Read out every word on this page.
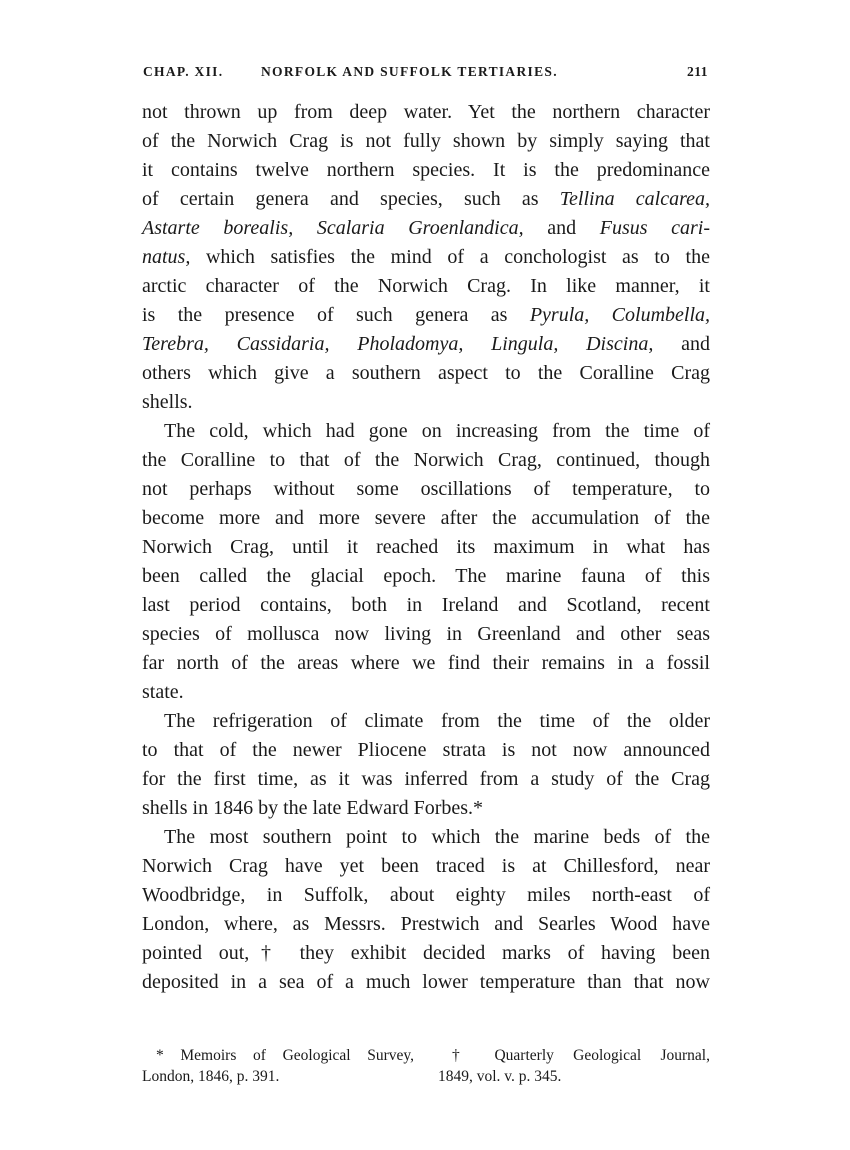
CHAP. XII.	NORFOLK AND SUFFOLK TERTIARIES.	211

not thrown up from deep water. Yet the northern character
of the Norwich Crag is not fully shown by simply saying that
it contains twelve northern species. It is the predominance
of certain genera and species, such as Tellina calcarea,
Astarte borealis, Scalaria Groenlandica, and Fusus cari-
natus, which satisfies the mind of a conchologist as to the
arctic character of the Norwich Crag. In like manner, it
is the presence of such genera as Pyrula, Columbella,
Terebra, Cassidaria, Pholadomya, Lingula, Discina, and
others which give a southern aspect to the Coralline Crag
shells.

The cold, which had gone on increasing from the time of
the Coralline to that of the Norwich Crag, continued, though
not perhaps without some oscillations of temperature, to
become more and more severe after the accumulation of the
Norwich Crag, until it reached its maximum in what has
been called the glacial epoch. The marine fauna of this
last period contains, both in Ireland and Scotland, recent
species of mollusca now living in Greenland and other seas
far north of the areas where we find their remains in a fossil
state.

The refrigeration of climate from the time of the older
to that of the newer Pliocene strata is not now announced
for the first time, as it was inferred from a study of the Crag
shells in 1846 by the late Edward Forbes.*

The most southern point to which the marine beds of the
Norwich Crag have yet been traced is at Chillesford, near
Woodbridge, in Suffolk, about eighty miles north-east of
London, where, as Messrs. Prestwich and Searles Wood have
pointed out,† they exhibit decided marks of having been
deposited in a sea of a much lower temperature than that now

* Memoirs of Geological Survey,
London, 1846, p. 391.
† Quarterly Geological Journal,
1849, vol. v. p. 345.
